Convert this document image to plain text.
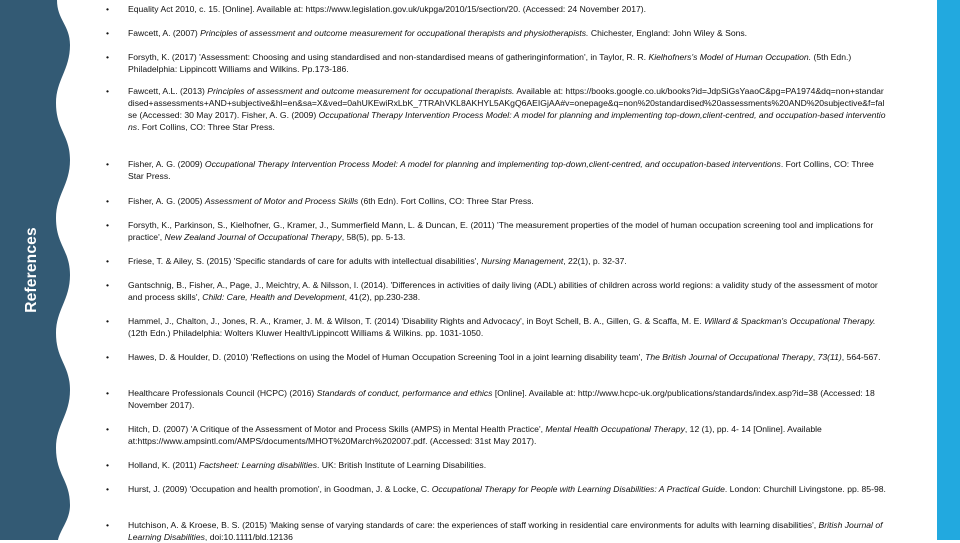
References
•	Equality Act 2010, c. 15. [Online]. Available at: https://www.legislation.gov.uk/ukpga/2010/15/section/20. (Accessed: 24 November 2017).
•	Fawcett, A. (2007) Principles of assessment and outcome measurement for occupational therapists and physiotherapists. Chichester, England: John Wiley & Sons.
•	Forsyth, K. (2017) 'Assessment: Choosing and using standardised and non-standardised means of gatheringinformation', in Taylor, R. R. Kielhofners's Model of Human Occupation. (5th Edn.) Philadelphia: Lippincott Williams and Wilkins. Pp.173-186.
•	Fawcett, A.L. (2013) Principles of assessment and outcome measurement for occupational therapists. Available at: https://books.google.co.uk/books?id=JdpSiGsYaaoC&pg=PA1974&dq=non+standardised+assessments+AND+subjective&hl=en&sa=X&ved=0ahUKEwiRxLbK_7TRAhVKL8AKHYL5AKgQ6AEIGjAA#v=onepage&q=non%20standardised%20assessments%20AND%20subjective&f=false (Accessed: 30 May 2017). Fisher, A. G. (2009) Occupational Therapy Intervention Process Model: A model for planning and implementing top-down,client-centred, and occupation-based interventions. Fort Collins, CO: Three Star Press.
•	Fisher, A. G. (2009) Occupational Therapy Intervention Process Model: A model for planning and implementing top-down,client-centred, and occupation-based interventions. Fort Collins, CO: Three Star Press.
•	Fisher, A. G. (2005) Assessment of Motor and Process Skills (6th Edn). Fort Collins, CO: Three Star Press.
•	Forsyth, K., Parkinson, S., Kielhofner, G., Kramer, J., Summerfield Mann, L. & Duncan, E. (2011) 'The measurement properties of the model of human occupation screening tool and implications for practice', New Zealand Journal of Occupational Therapy, 58(5), pp. 5-13.
•	Friese, T. & Ailey, S. (2015) 'Specific standards of care for adults with intellectual disabilities', Nursing Management, 22(1), p. 32-37.
•	Gantschnig, B., Fisher, A., Page, J., Meichtry, A. & Nilsson, I. (2014). 'Differences in activities of daily living (ADL) abilities of children across world regions: a validity study of the assessment of motor and process skills', Child: Care, Health and Development, 41(2), pp.230-238.
•	Hammel, J., Chalton, J., Jones, R. A., Kramer, J. M. & Wilson, T. (2014) 'Disability Rights and Advocacy', in Boyt Schell, B. A., Gillen, G. & Scaffa, M. E. Willard & Spackman's Occupational Therapy. (12th Edn.) Philadelphia: Wolters Kluwer Health/Lippincott Williams & Wilkins. pp. 1031-1050.
•	Hawes, D. & Houlder, D. (2010) 'Reflections on using the Model of Human Occupation Screening Tool in a joint learning disability team', The British Journal of Occupational Therapy, 73(11), 564-567.
•	Healthcare Professionals Council (HCPC) (2016) Standards of conduct, performance and ethics [Online]. Available at: http://www.hcpc-uk.org/publications/standards/index.asp?id=38 (Accessed: 18 November 2017).
•	Hitch, D. (2007) 'A Critique of the Assessment of Motor and Process Skills (AMPS) in Mental Health Practice', Mental Health Occupational Therapy, 12 (1), pp. 4- 14 [Online]. Available at:https://www.ampsintl.com/AMPS/documents/MHOT%20March%202007.pdf. (Accessed: 31st May 2017).
•	Holland, K. (2011) Factsheet: Learning disabilities. UK: British Institute of Learning Disabilities.
•	Hurst, J. (2009) 'Occupation and health promotion', in Goodman, J. & Locke, C. Occupational Therapy for People with Learning Disabilities: A Practical Guide. London: Churchill Livingstone. pp. 85-98.
•	Hutchison, A. & Kroese, B. S. (2015) 'Making sense of varying standards of care: the experiences of staff working in residential care environments for adults with learning disabilities', British Journal of Learning Disabilities, doi:10.1111/bld.12136
